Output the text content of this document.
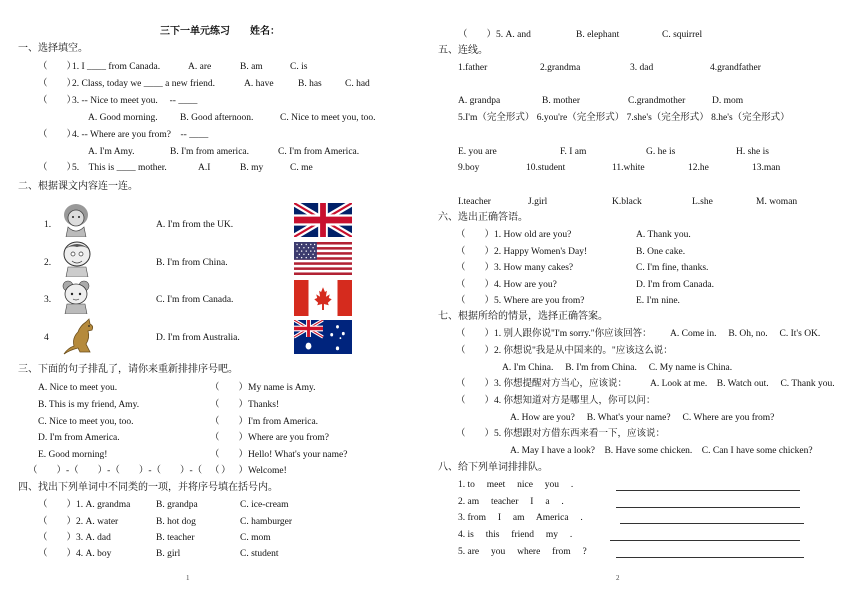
三下一单元练习 姓名：
一、选择填空。
（　　）
1. I ____ from Canada.	A. are	B. am	C. is
（　　）
2. Class, today we ____ a new friend.	A. have	B. has C. had
（　　）
3. -- Nice to meet you.　 -- ____
A. Good morning. B. Good afternoon.	C. Nice to meet you, too.
（　　）
4. -- Where are you from?　-- ____
A. I'm Amy.	B. I'm from america.	C. I'm from America.
（　　）
5.　This is ____ mother.	A.I	B. my	C. me
二、根据课文内容连一连。
1.
2.
3.
4
A. I'm from the UK.
B. I'm from China.
C. I'm from Canada.
D. I'm from Australia.
三、下面的句子排乱了，请你来重新排排序号吧。
A. Nice to meet you.
B. This is my friend, Amy.
C. Nice to meet you, too.
D. I'm from America.
E. Good morning!
（　　）My name is Amy.
（　　）Thanks!
（　　）I'm from America.
（　　）Where are you from?
（　　）Hello! What's your name?
（　　）Welcome!
（　　）-（　　）-（　　）-（　　）-（　　）
四、找出下列单词中不同类的一项，并将序号填在括号内。
（　　）1. A. grandma	B. grandpa	C. ice-cream
（　　）2. A. water	B. hot dog	C. hamburger
（　　）3. A. dad	B. teacher	C. mom
（　　）4. A. boy	B. girl	C. student
1
（　　）5. A. and	B. elephant	C. squirrel
五、连线。
1.father	2.grandma	3. dad	4.grandfather
A. grandpa	B. mother	C.grandmother	D. mom
5.I'm（完全形式） 6.you're（完全形式） 7.she's（完全形式） 8.he's（完全形式）
E. you are	F. I am	G. he is	H. she is
9.boy	10.student	11.white	12.he	13.man
I.teacher	J.girl	K.black	L.she	M. woman
六、选出正确答语。
（　　）1. How old are you?	A. Thank you.
（　　）2. Happy Women's Day!	B. One cake.
（　　）3. How many cakes?	C. I'm fine, thanks.
（　　）4. How are you?	D. I'm from Canada.
（　　）5. Where are you from?	E. I'm nine.
七、根据所给的情景，选择正确答案。
（　　）1. 别人跟你说"I'm sorry."你应该回答： A. Come in.　 B. Oh, no.　 C. It's OK.
（　　）2. 你想说"我是从中国来的。"应该这么说：
A. I'm China.　 B. I'm from China.　 C. My name is China.
（　　）3. 你想提醒对方当心，应该说： A. Look at me.　B. Watch out.　 C. Thank you.
（　　）4. 你想知道对方是哪里人，你可以问：
A. How are you?　 B. What's your name?　 C. Where are you from?
（　　）5. 你想跟对方借东西来看一下，应该说：
A. May I have a look?　B. Have some chicken.　C. Can I have some chicken?
八、给下列单词排排队。
1. to　 meet　 nice　 you　 .
2. am　 teacher　 I　 a　 .
3. from　 I　 am　 America　 .
4. is　 this　 friend　 my　 .
5. are　 you　 where　 from　 ?
2
